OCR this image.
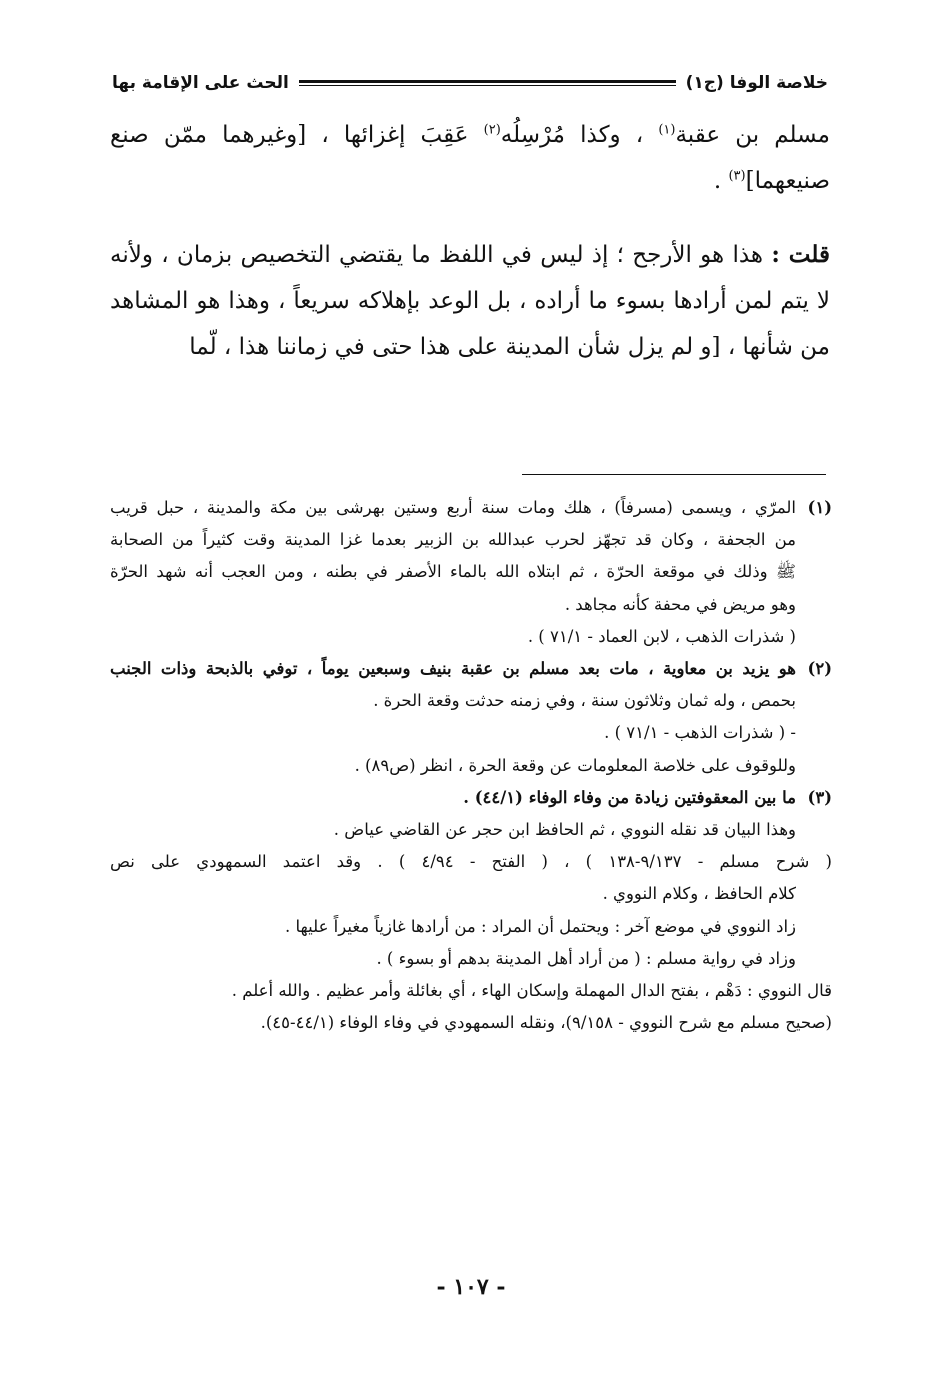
خلاصة الوفا
(ج١)
الحث على الإقامة بها

مسلم بن عقبة$^{(١)}$ ، وكذا مُرْسِلُه$^{(٢)}$ عَقِبَ إغزائها ، [وغيرهما ممّن صنع صنيعهما]$^{(٣)}$ .

قلت : هذا هو الأرجح ؛ إذ ليس في اللفظ ما يقتضي التخصيص بزمان ، ولأنه لا يتم لمن أرادها بسوء ما أراده ، بل الوعد بإهلاكه سريعاً ، وهذا هو المشاهد من شأنها ، [و لم يزل شأن المدينة على هذا حتى في زماننا هذا ، لّما

(١)
المرّي ، ويسمى (مسرفاً) ، هلك ومات سنة أربع وستين بهرشى بين مكة والمدينة ، حبل قريب
من الجحفة ، وكان قد تجهّز لحرب عبدالله بن الزبير بعدما غزا المدينة وقت كثيراً من الصحابة
ﷺ وذلك في موقعة الحرّة ، ثم ابتلاه الله بالماء الأصفر في بطنه ، ومن العجب أنه شهد الحرّة
وهو مريض في محفة كأنه مجاهد .
( شذرات الذهب ، لابن العماد - ٧١/١ ) .
(٢)
هو يزيد بن معاوية ، مات بعد مسلم بن عقبة بنيف وسبعين يوماً ، توفي بالذبحة وذات الجنب
بحمص ، وله ثمان وثلاثون سنة ، وفي زمنه حدثت وقعة الحرة .
- ( شذرات الذهب - ٧١/١ ) .
وللوقوف على خلاصة المعلومات عن وقعة الحرة ، انظر (ص٨٩) .
(٣)
ما بين المعقوفتين زيادة من وفاء الوفاء (٤٤/١) .
وهذا البيان قد نقله النووي ، ثم الحافظ ابن حجر عن القاضي عياض .
( شرح مسلم - ٩/١٣٧-١٣٨ ) ، ( الفتح - ٤/٩٤ ) . وقد اعتمد السمهودي على نص
كلام الحافظ ، وكلام النووي .
زاد النووي في موضع آخر : ويحتمل أن المراد : من أرادها غازياً مغيراً عليها .
وزاد في رواية مسلم : ( من أراد أهل المدينة بدهم أو بسوء ) .
قال النووي : دَهْم ، بفتح الدال المهملة وإسكان الهاء ، أي بغائلة وأمر عظيم . والله أعلم .
(صحيح مسلم مع شرح النووي - ٩/١٥٨)، ونقله السمهودي في وفاء الوفاء (٤٤/١-٤٥).
- ١٠٧ -
